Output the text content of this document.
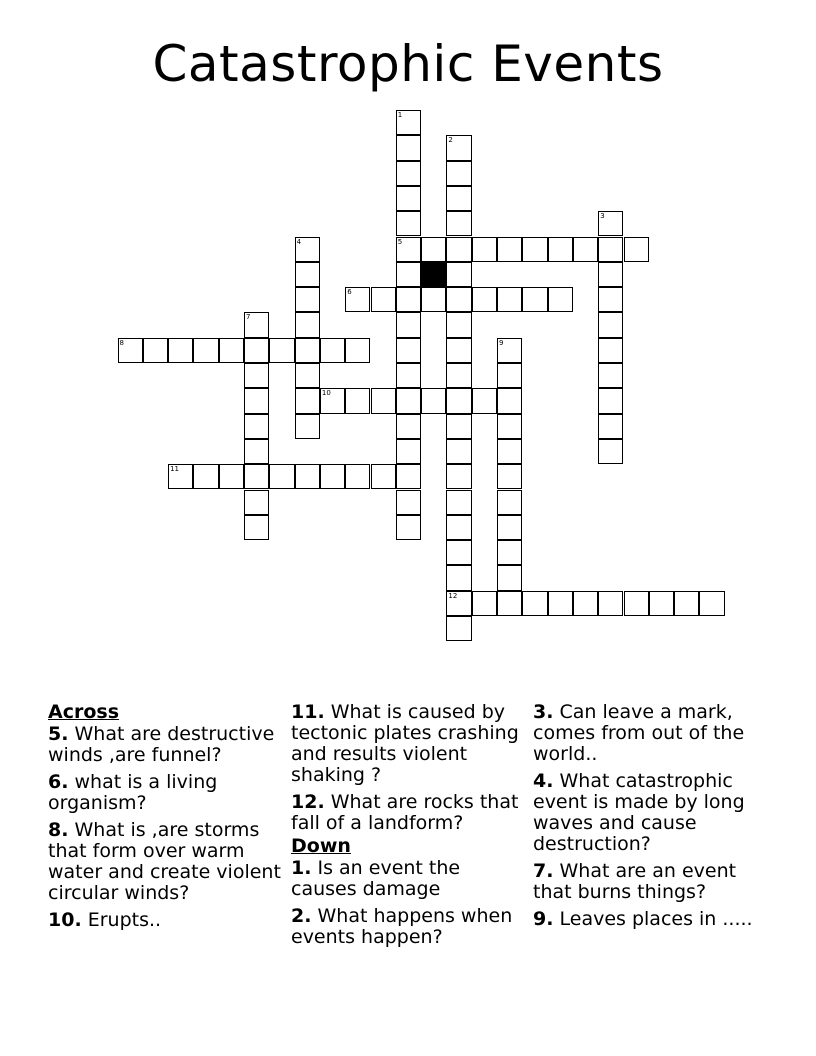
Catastrophic Events
1
5
2
12
3
4
6
7
8	9
10
11
Across
5. What are destructive winds ,are funnel?
6. what is a living organism?
8. What is ,are storms that form over warm water and create violent circular winds?
10. Erupts..
11. What is caused by tectonic plates crashing and results violent shaking ?
12. What are rocks that fall of a landform?
Down
1. Is an event the causes damage
2. What happens when events happen?
3. Can leave a mark, comes from out of the world..
4. What catastrophic event is made by long waves and cause destruction?
7. What are an event that burns things?
9. Leaves places in .....
